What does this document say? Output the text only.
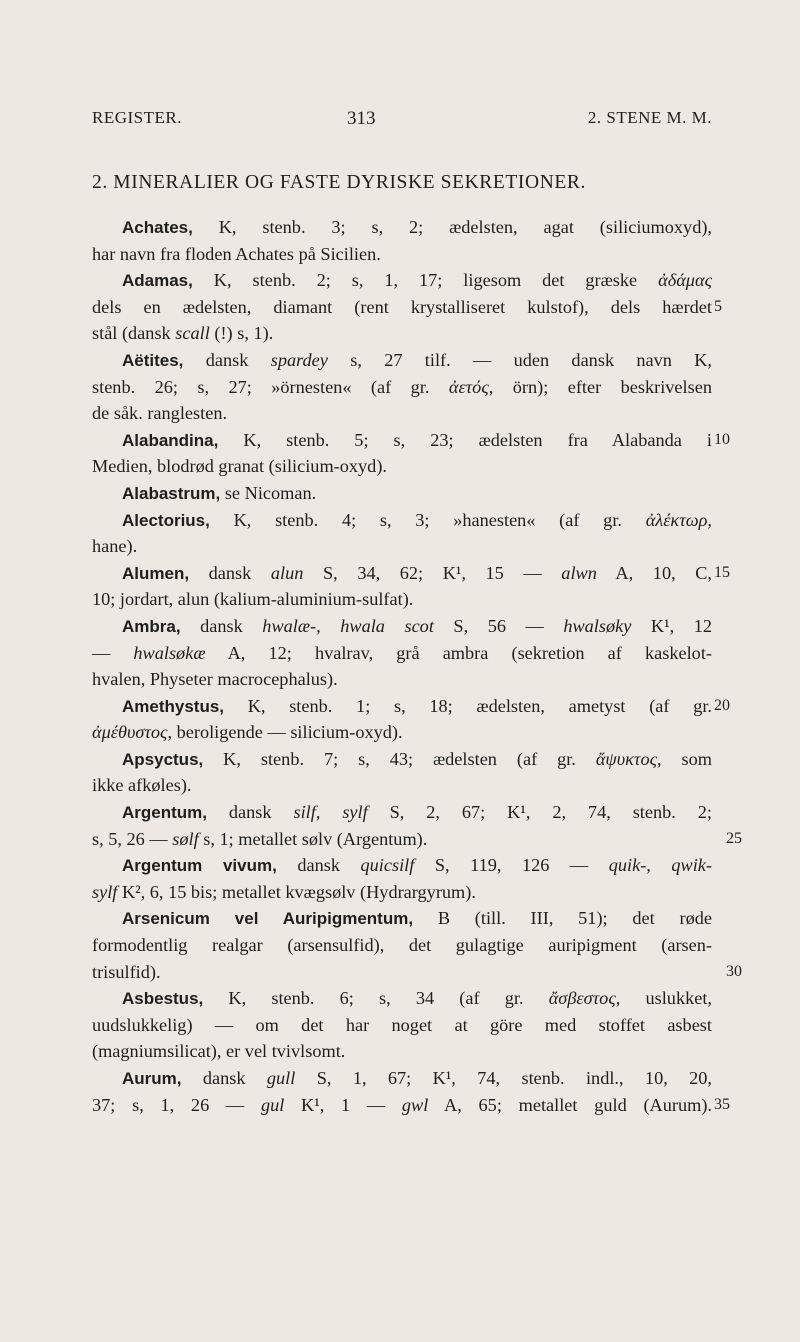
REGISTER.	313	2. STENE M. M.
2. MINERALIER OG FASTE DYRISKE SEKRETIONER.
Achates, K, stenb. 3; s, 2; ædelsten, agat (siliciumoxyd),
har navn fra floden Achates på Sicilien.
Adamas, K, stenb. 2; s, 1, 17; ligesom det græske ἀδάμας
dels en ædelsten, diamant (rent krystalliseret kulstof), dels hærdet 5
stål (dansk scall (!) s, 1).
Aëtites, dansk spardey s, 27 tilf. — uden dansk navn K,
stenb. 26; s, 27; »örnesten« (af gr. ἀετός, örn); efter beskrivelsen
de såk. ranglesten.
Alabandina, K, stenb. 5; s, 23; ædelsten fra Alabanda i 10
Medien, blodrød granat (silicium-oxyd).
Alabastrum, se Nicoman.
Alectorius, K, stenb. 4; s, 3; »hanesten« (af gr. ἀλέκτωρ,
hane).
Alumen, dansk alun S, 34, 62; K¹, 15 — alwn A, 10, C, 15
10; jordart, alun (kalium-aluminium-sulfat).
Ambra, dansk hwalæ-, hwala scot S, 56 — hwalsøky K¹, 12
— hwalsøkæ A, 12; hvalrav, grå ambra (sekretion af kaskelot-
hvalen, Physeter macrocephalus).
Amethystus, K, stenb. 1; s, 18; ædelsten, ametyst (af gr. 20
ἀμέθυστος, beroligende — silicium-oxyd).
Apsyctus, K, stenb. 7; s, 43; ædelsten (af gr. ἄψυκτος, som
ikke afkøles).
Argentum, dansk silf, sylf S, 2, 67; K¹, 2, 74, stenb. 2;
s, 5, 26 — sølf s, 1; metallet sølv (Argentum).	25
Argentum vivum, dansk quicsilf S, 119, 126 — quik-, qwik-
sylf K², 6, 15 bis; metallet kvægsølv (Hydrargyrum).
Arsenicum vel Auripigmentum, B (till. III, 51); det røde
formodentlig realgar (arsensulfid), det gulagtige auripigment (arsen-
trisulfid).	30
Asbestus, K, stenb. 6; s, 34 (af gr. ἄσβεστος, uslukket,
uudslukkelig) — om det har noget at göre med stoffet asbest
(magniumsilicat), er vel tvivlsomt.
Aurum, dansk gull S, 1, 67; K¹, 74, stenb. indl., 10, 20,
37; s, 1, 26 — gul K¹, 1 — gwl A, 65; metallet guld (Aurum). 35
